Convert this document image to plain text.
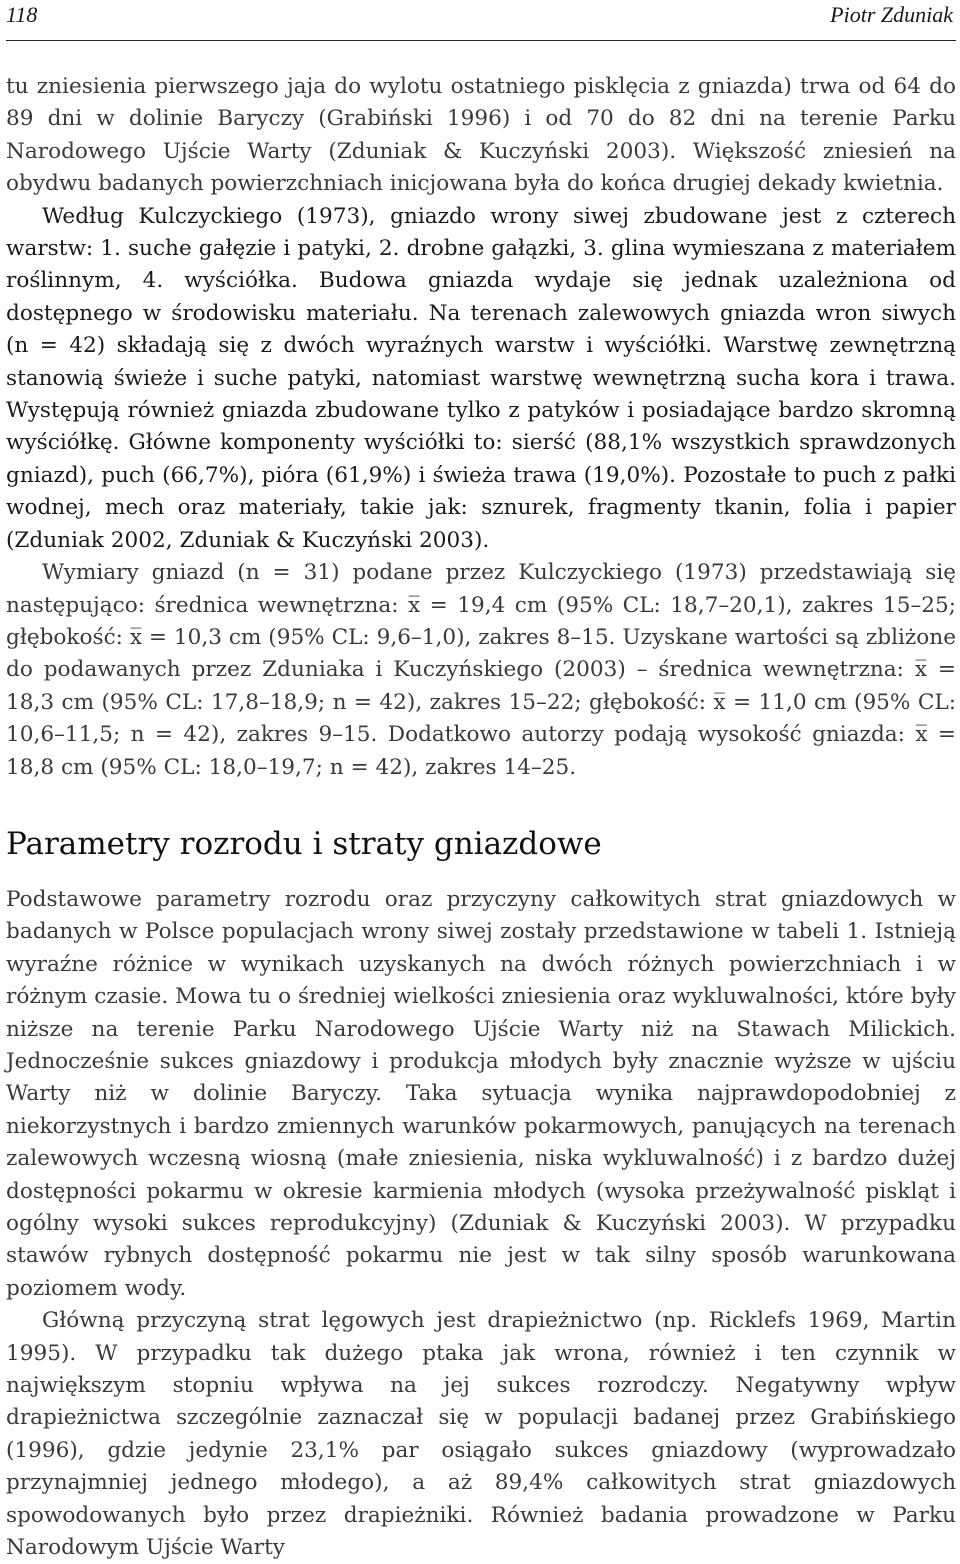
118	Piotr Zduniak

tu zniesienia pierwszego jaja do wylotu ostatniego pisklęcia z gniazda) trwa od 64 do 89 dni w dolinie Baryczy (Grabiński 1996) i od 70 do 82 dni na terenie Parku Narodowego Ujście Warty (Zduniak & Kuczyński 2003). Większość zniesień na obydwu badanych powierzchniach inicjowana była do końca drugiej dekady kwietnia.

Według Kulczyckiego (1973), gniazdo wrony siwej zbudowane jest z czterech warstw: 1. suche gałęzie i patyki, 2. drobne gałązki, 3. glina wymieszana z materiałem roślinnym, 4. wyściółka. Budowa gniazda wydaje się jednak uzależniona od dostępnego w środowisku materiału. Na terenach zalewowych gniazda wron siwych (n = 42) składają się z dwóch wyraźnych warstw i wyściółki. Warstwę zewnętrzną stanowią świeże i suche patyki, natomiast warstwę wewnętrzną sucha kora i trawa. Występują również gniazda zbudowane tylko z patyków i posiadające bardzo skromną wyściółkę. Główne komponenty wyściółki to: sierść (88,1% wszystkich sprawdzonych gniazd), puch (66,7%), pióra (61,9%) i świeża trawa (19,0%). Pozostałe to puch z pałki wodnej, mech oraz materiały, takie jak: sznurek, fragmenty tkanin, folia i papier (Zduniak 2002, Zduniak & Kuczyński 2003).

Wymiary gniazd (n = 31) podane przez Kulczyckiego (1973) przedstawiają się następująco: średnica wewnętrzna: x̅ = 19,4 cm (95% CL: 18,7–20,1), zakres 15–25; głębokość: x̅ = 10,3 cm (95% CL: 9,6–1,0), zakres 8–15. Uzyskane wartości są zbliżone do podawanych przez Zduniaka i Kuczyńskiego (2003) – średnica wewnętrzna: x̅ = 18,3 cm (95% CL: 17,8–18,9; n = 42), zakres 15–22; głębokość: x̅ = 11,0 cm (95% CL: 10,6–11,5; n = 42), zakres 9–15. Dodatkowo autorzy podają wysokość gniazda: x̅ = 18,8 cm (95% CL: 18,0–19,7; n = 42), zakres 14–25.

Parametry rozrodu i straty gniazdowe

Podstawowe parametry rozrodu oraz przyczyny całkowitych strat gniazdowych w badanych w Polsce populacjach wrony siwej zostały przedstawione w tabeli 1. Istnieją wyraźne różnice w wynikach uzyskanych na dwóch różnych powierzchniach i w różnym czasie. Mowa tu o średniej wielkości zniesienia oraz wykluwalności, które były niższe na terenie Parku Narodowego Ujście Warty niż na Stawach Milickich. Jednocześnie sukces gniazdowy i produkcja młodych były znacznie wyższe w ujściu Warty niż w dolinie Baryczy. Taka sytuacja wynika najprawdopodobniej z niekorzystnych i bardzo zmiennych warunków pokarmowych, panujących na terenach zalewowych wczesną wiosną (małe zniesienia, niska wykluwalność) i z bardzo dużej dostępności pokarmu w okresie karmienia młodych (wysoka przeżywalność piskląt i ogólny wysoki sukces reprodukcyjny) (Zduniak & Kuczyński 2003). W przypadku stawów rybnych dostępność pokarmu nie jest w tak silny sposób warunkowana poziomem wody.

Główną przyczyną strat lęgowych jest drapieżnictwo (np. Ricklefs 1969, Martin 1995). W przypadku tak dużego ptaka jak wrona, również i ten czynnik w największym stopniu wpływa na jej sukces rozrodczy. Negatywny wpływ drapieżnictwa szczególnie zaznaczał się w populacji badanej przez Grabińskiego (1996), gdzie jedynie 23,1% par osiągało sukces gniazdowy (wyprowadzało przynajmniej jednego młodego), a aż 89,4% całkowitych strat gniazdowych spowodowanych było przez drapieżniki. Również badania prowadzone w Parku Narodowym Ujście Warty
